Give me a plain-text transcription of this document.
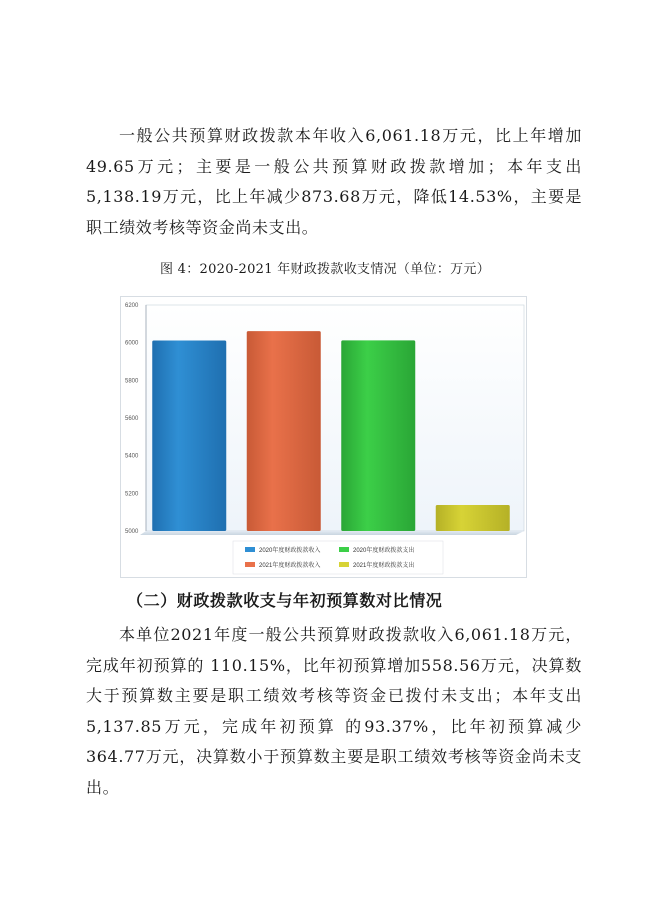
一般公共预算财政拨款本年收入6,061.18万元，比上年增加49.65万元；主要是一般公共预算财政拨款增加；本年支出5,138.19万元，比上年减少873.68万元，降低14.53%，主要是职工绩效考核等资金尚未支出。

图 4：2020-2021 年财政拨款收支情况（单位：万元）

5000
5200
5400
5600
5800
6000
6200
2020年度财政拨款收入	2020年度财政拨款支出
2021年度财政拨款收入	2021年度财政拨款支出

（二）财政拨款收支与年初预算数对比情况

本单位2021年度一般公共预算财政拨款收入6,061.18万元，完成年初预算的 110.15%，比年初预算增加558.56万元，决算数大于预算数主要是职工绩效考核等资金已拨付未支出；本年支出5,137.85万元，完成年初预算 的93.37%，比年初预算减少364.77万元，决算数小于预算数主要是职工绩效考核等资金尚未支出。
